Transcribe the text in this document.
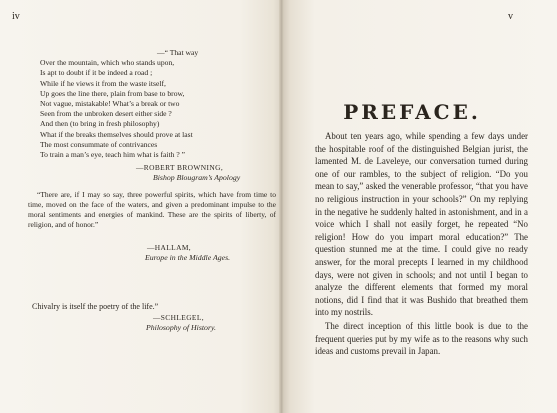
iv	v
—“ That way
Over the mountain, which who stands upon,
Is apt to doubt if it be indeed a road ;
While if he views it from the waste itself,
Up goes the line there, plain from base to brow,
Not vague, mistakable! What’s a break or two
Seen from the unbroken desert either side ?
And then (to bring in fresh philosophy)
What if the breaks themselves should prove at last
The most consummate of contrivances
To train a man’s eye, teach him what is faith ? ”
—ROBERT BROWNING,
Bishop Blougram’s Apology
“There are, if I may so say, three powerful spirits, which have from time to time, moved on the face of the waters, and given a predominant impulse to the moral sentiments and energies of mankind. These are the spirits of liberty, of religion, and of honor.”
—HALLAM,
Europe in the Middle Ages.
Chivalry is itself the poetry of the life.”
—SCHLEGEL,
Philosophy of History.
PREFACE.

About ten years ago, while spending a few days under the hospitable roof of the distinguished Belgian jurist, the lamented M. de Laveleye, our conversation turned during one of our rambles, to the subject of religion. “Do you mean to say,” asked the venerable professor, “that you have no religious instruction in your schools?” On my replying in the negative he suddenly halted in astonishment, and in a voice which I shall not easily forget, he repeated “No religion! How do you impart moral education?” The question stunned me at the time. I could give no ready answer, for the moral precepts I learned in my childhood days, were not given in schools; and not until I began to analyze the different elements that formed my moral notions, did I find that it was Bushido that breathed them into my nostrils.

The direct inception of this little book is due to the frequent queries put by my wife as to the reasons why such ideas and customs prevail in Japan.
